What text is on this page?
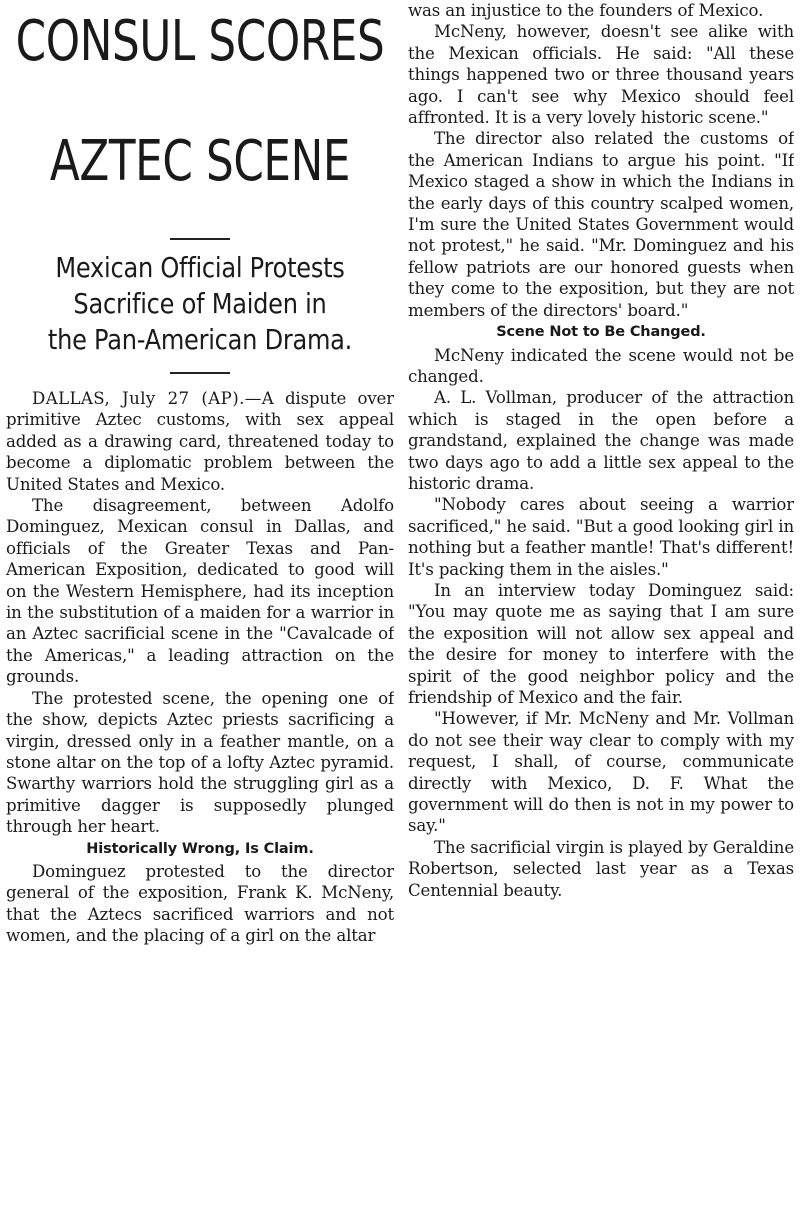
CONSUL SCORES
AZTEC SCENE
Mexican Official Protests
Sacrifice of Maiden in
the Pan-American Drama.

DALLAS, July 27 (AP).—A dispute over primitive Aztec customs, with sex appeal added as a drawing card, threatened today to become a diplomatic problem between the United States and Mexico.

The disagreement, between Adolfo Dominguez, Mexican consul in Dallas, and officials of the Greater Texas and Pan-American Exposition, dedicated to good will on the Western Hemisphere, had its inception in the substitution of a maiden for a warrior in an Aztec sacrificial scene in the "Cavalcade of the Americas," a leading attraction on the grounds.

The protested scene, the opening one of the show, depicts Aztec priests sacrificing a virgin, dressed only in a feather mantle, on a stone altar on the top of a lofty Aztec pyramid. Swarthy warriors hold the struggling girl as a primitive dagger is supposedly plunged through her heart.

Historically Wrong, Is Claim.

Dominguez protested to the director general of the exposition, Frank K. McNeny, that the Aztecs sacrificed warriors and not women, and the placing of a girl on the altar

was an injustice to the founders of Mexico.

McNeny, however, doesn't see alike with the Mexican officials. He said: "All these things happened two or three thousand years ago. I can't see why Mexico should feel affronted. It is a very lovely historic scene."

The director also related the customs of the American Indians to argue his point. "If Mexico staged a show in which the Indians in the early days of this country scalped women, I'm sure the United States Government would not protest," he said. "Mr. Dominguez and his fellow patriots are our honored guests when they come to the exposition, but they are not members of the directors' board."

Scene Not to Be Changed.

McNeny indicated the scene would not be changed.

A. L. Vollman, producer of the attraction which is staged in the open before a grandstand, explained the change was made two days ago to add a little sex appeal to the historic drama.

"Nobody cares about seeing a warrior sacrificed," he said. "But a good looking girl in nothing but a feather mantle! That's different! It's packing them in the aisles."

In an interview today Dominguez said: "You may quote me as saying that I am sure the exposition will not allow sex appeal and the desire for money to interfere with the spirit of the good neighbor policy and the friendship of Mexico and the fair.

"However, if Mr. McNeny and Mr. Vollman do not see their way clear to comply with my request, I shall, of course, communicate directly with Mexico, D. F. What the government will do then is not in my power to say."

The sacrificial virgin is played by Geraldine Robertson, selected last year as a Texas Centennial beauty.
